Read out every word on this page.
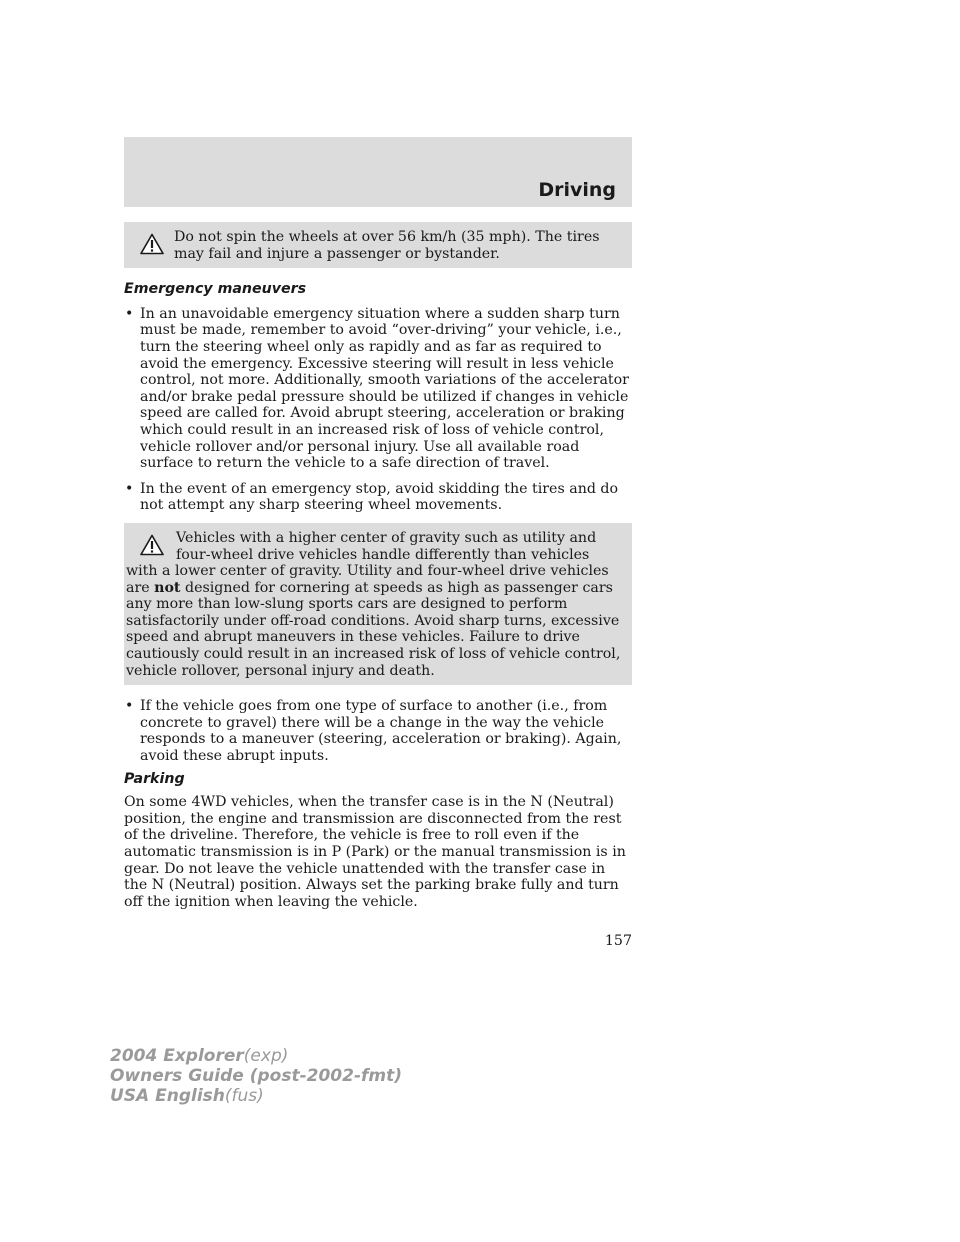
Driving

Do not spin the wheels at over 56 km/h (35 mph). The tires may fail and injure a passenger or bystander.

Emergency maneuvers
• In an unavoidable emergency situation where a sudden sharp turn must be made, remember to avoid “over-driving” your vehicle, i.e., turn the steering wheel only as rapidly and as far as required to avoid the emergency. Excessive steering will result in less vehicle control, not more. Additionally, smooth variations of the accelerator and/or brake pedal pressure should be utilized if changes in vehicle speed are called for. Avoid abrupt steering, acceleration or braking which could result in an increased risk of loss of vehicle control, vehicle rollover and/or personal injury. Use all available road surface to return the vehicle to a safe direction of travel.
• In the event of an emergency stop, avoid skidding the tires and do not attempt any sharp steering wheel movements.

Vehicles with a higher center of gravity such as utility and four-wheel drive vehicles handle differently than vehicles with a lower center of gravity. Utility and four-wheel drive vehicles are not designed for cornering at speeds as high as passenger cars any more than low-slung sports cars are designed to perform satisfactorily under off-road conditions. Avoid sharp turns, excessive speed and abrupt maneuvers in these vehicles. Failure to drive cautiously could result in an increased risk of loss of vehicle control, vehicle rollover, personal injury and death.

• If the vehicle goes from one type of surface to another (i.e., from concrete to gravel) there will be a change in the way the vehicle responds to a maneuver (steering, acceleration or braking). Again, avoid these abrupt inputs.
Parking

On some 4WD vehicles, when the transfer case is in the N (Neutral) position, the engine and transmission are disconnected from the rest of the driveline. Therefore, the vehicle is free to roll even if the automatic transmission is in P (Park) or the manual transmission is in gear. Do not leave the vehicle unattended with the transfer case in the N (Neutral) position. Always set the parking brake fully and turn off the ignition when leaving the vehicle.

157
2004 Explorer(exp)
Owners Guide (post-2002-fmt)
USA English(fus)
